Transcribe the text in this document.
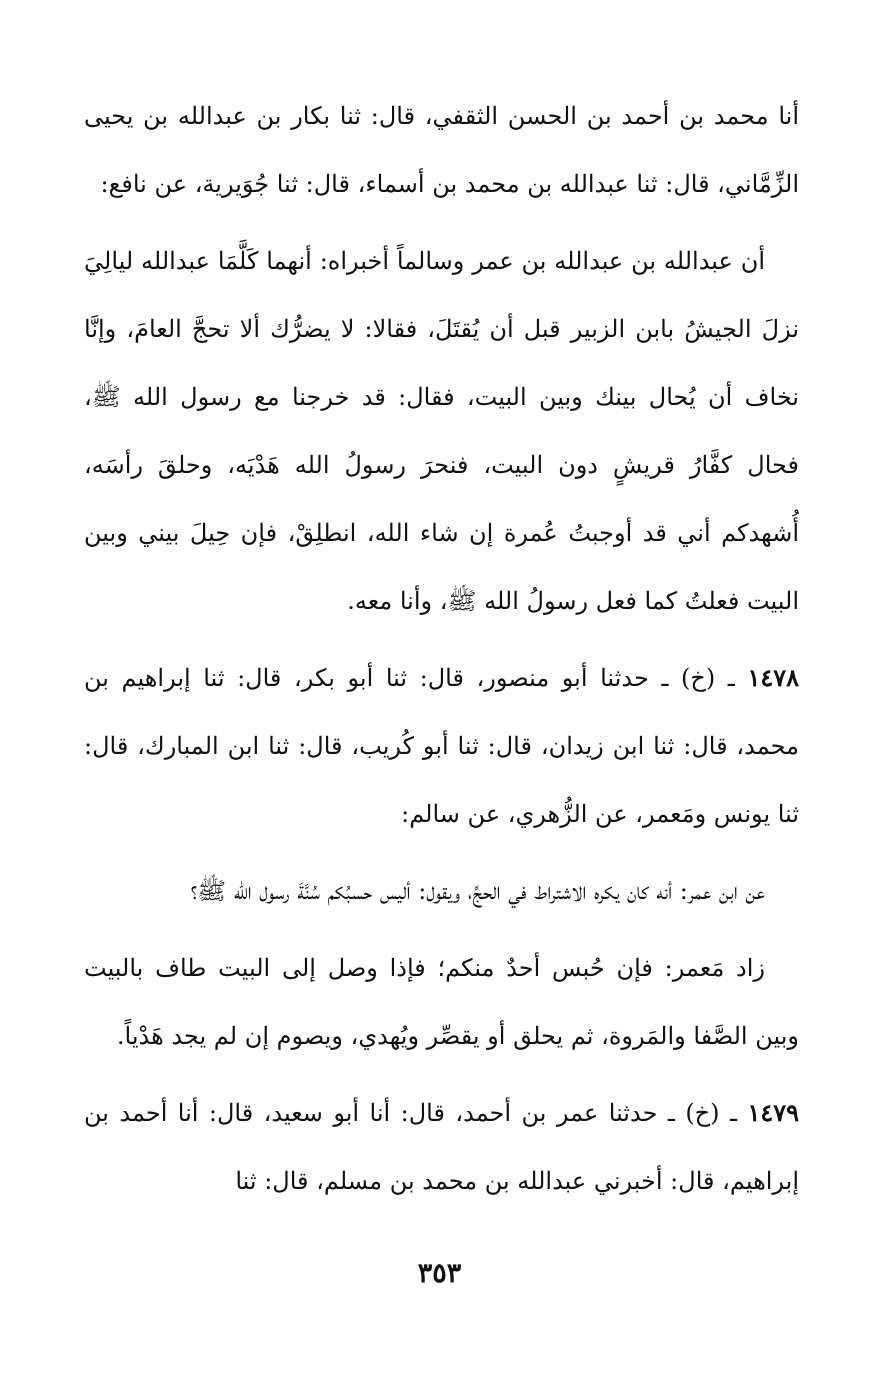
أنا محمد بن أحمد بن الحسن الثقفي، قال: ثنا بكار بن عبدالله بن يحيى الزِّمَّاني، قال: ثنا عبدالله بن محمد بن أسماء، قال: ثنا جُوَيرية، عن نافع:

أن عبدالله بن عبدالله بن عمر وسالماً أخبراه: أنهما كَلَّمَا عبدالله ليالِيَ نزلَ الجيشُ بابن الزبير قبل أن يُقتَلَ، فقالا: لا يضرُّك ألا تحجَّ العامَ، وإنَّا نخاف أن يُحال بينك وبين البيت، فقال: قد خرجنا مع رسول الله ﷺ، فحال كفَّارُ قريشٍ دون البيت، فنحرَ رسولُ الله هَدْيَه، وحلقَ رأسَه، أُشهدكم أني قد أوجبتُ عُمرة إن شاء الله، انطلِقْ، فإن حِيلَ بيني وبين البيت فعلتُ كما فعل رسولُ الله ﷺ، وأنا معه.

١٤٧٨ ـ (خ) ـ حدثنا أبو منصور، قال: ثنا أبو بكر، قال: ثنا إبراهيم بن محمد، قال: ثنا ابن زيدان، قال: ثنا أبو كُريب، قال: ثنا ابن المبارك، قال: ثنا يونس ومَعمر، عن الزُّهري، عن سالم:

عن ابن عمر: أنه كان يكره الاشتراط في الحجِّ، ويقول: أليس حسبُكم سُنَّةَ رسول الله ﷺ؟

زاد مَعمر: فإن حُبس أحدٌ منكم؛ فإذا وصل إلى البيت طاف بالبيت وبين الصَّفا والمَروة، ثم يحلق أو يقصِّر ويُهدي، ويصوم إن لم يجد هَدْياً.

١٤٧٩ ـ (خ) ـ حدثنا عمر بن أحمد، قال: أنا أبو سعيد، قال: أنا أحمد بن إبراهيم، قال: أخبرني عبدالله بن محمد بن مسلم، قال: ثنا

٣٥٣
